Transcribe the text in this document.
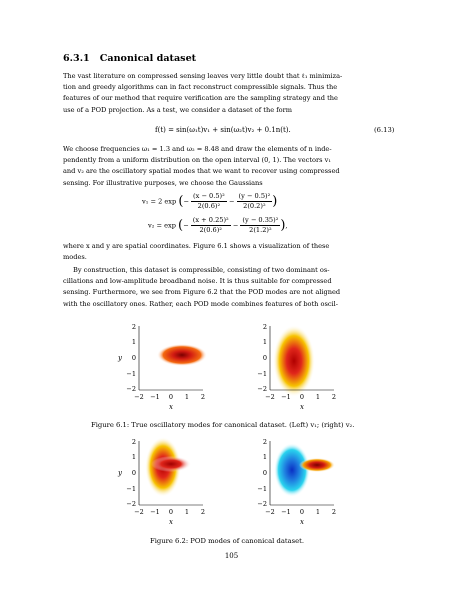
6.3.1 Canonical dataset

The vast literature on compressed sensing leaves very little doubt that ℓ₁ minimiza-
tion and greedy algorithms can in fact reconstruct compressible signals. Thus the
features of our method that require verification are the sampling strategy and the
use of a POD projection. As a test, we consider a dataset of the form

f(t) = sin(ω₁t)v₁ + sin(ω₂t)v₂ + 0.1n(t).	(6.13)

We choose frequencies ω₁ = 1.3 and ω₂ = 8.48 and draw the elements of n inde-
pendently from a uniform distribution on the open interval (0, 1). The vectors v₁
and v₂ are the oscillatory spatial modes that we want to recover using compressed
sensing. For illustrative purposes, we choose the Gaussians

v₁ = 2 exp (− $\frac{\text{(x − 0.5)²}}{\text{2(0.6)²}} - \frac{\text{(y − 0.5)²}}{\text{2(0.2)²}}$ )
v₂ = exp (− $\frac{\text{(x + 0.25)²}}{\text{2(0.6)²}} - \frac{\text{(y − 0.35)²}}{\text{2(1.2)²}}$ ),

where x and y are spatial coordinates. Figure 6.1 shows a visualization of these
modes.

By construction, this dataset is compressible, consisting of two dominant os-
cillations and low-amplitude broadband noise. It is thus suitable for compressed
sensing. Furthermore, we see from Figure 6.2 that the POD modes are not aligned
with the oscillatory ones. Rather, each POD mode combines features of both oscil-

2
1
0
−1
−2
y
−2 −1 0 1 2
x
2
1
0
−1
−2
−2 −1 0 1 2
x
Figure 6.1: True oscillatory modes for canonical dataset. (Left) v₁; (right) v₂.
2
1
0
−1
−2
y
−2 −1 0 1 2
x
2
1
0
−1
−2
−2 −1 0 1 2
x
Figure 6.2: POD modes of canonical dataset.
105
